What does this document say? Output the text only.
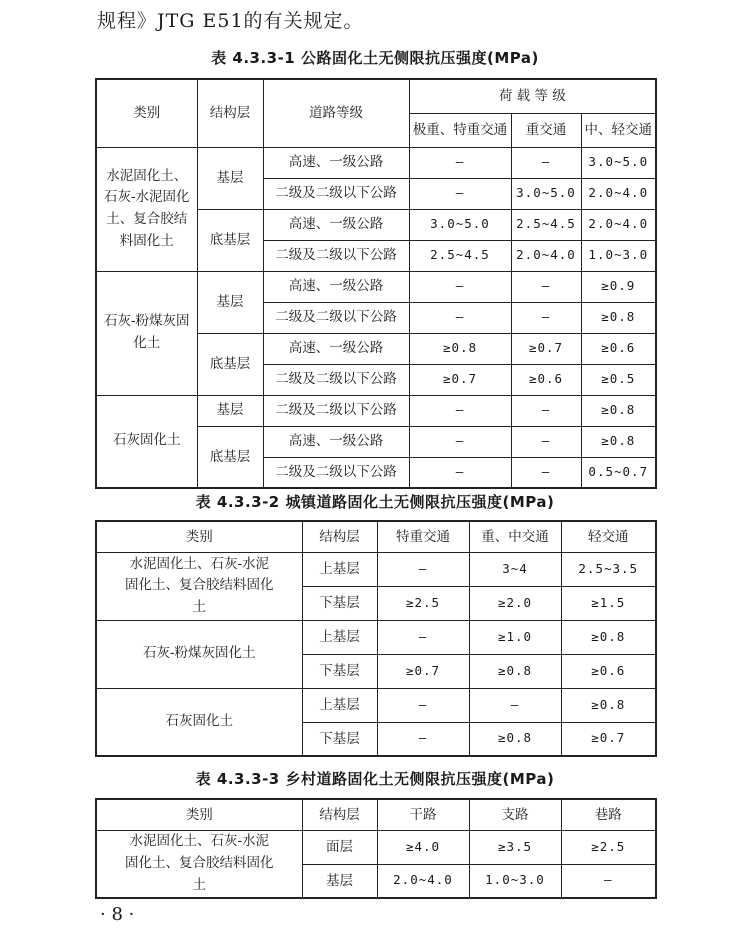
规程》JTG E51的有关规定。
表 4.3.3-1 公路固化土无侧限抗压强度(MPa)
类别	结构层	道路等级	荷 载 等 级		
			极重、特重交通	重交通	中、轻交通
水泥固化土、石灰-水泥固化土、复合胶结料固化土	基层	高速、一级公路	—	—	3.0~5.0
		二级及二级以下公路	—	3.0~5.0	2.0~4.0
	底基层	高速、一级公路	3.0~5.0	2.5~4.5	2.0~4.0
		二级及二级以下公路	2.5~4.5	2.0~4.0	1.0~3.0
石灰-粉煤灰固化土	基层	高速、一级公路	—	—	≥0.9
		二级及二级以下公路	—	—	≥0.8
	底基层	高速、一级公路	≥0.8	≥0.7	≥0.6
		二级及二级以下公路	≥0.7	≥0.6	≥0.5
石灰固化土	基层	二级及二级以下公路	—	—	≥0.8
	底基层	高速、一级公路	—	—	≥0.8
		二级及二级以下公路	—	—	0.5~0.7
表 4.3.3-2 城镇道路固化土无侧限抗压强度(MPa)
类别	结构层	特重交通	重、中交通	轻交通
水泥固化土、石灰-水泥固化土、复合胶结料固化土	上基层	—	3~4	2.5~3.5
	下基层	≥2.5	≥2.0	≥1.5
石灰-粉煤灰固化土	上基层	—	≥1.0	≥0.8
	下基层	≥0.7	≥0.8	≥0.6
石灰固化土	上基层	—	—	≥0.8
	下基层	—	≥0.8	≥0.7
表 4.3.3-3 乡村道路固化土无侧限抗压强度(MPa)
类别	结构层	干路	支路	巷路
水泥固化土、石灰-水泥固化土、复合胶结料固化土	面层	≥4.0	≥3.5	≥2.5
	基层	2.0~4.0	1.0~3.0	—
· 8 ·
